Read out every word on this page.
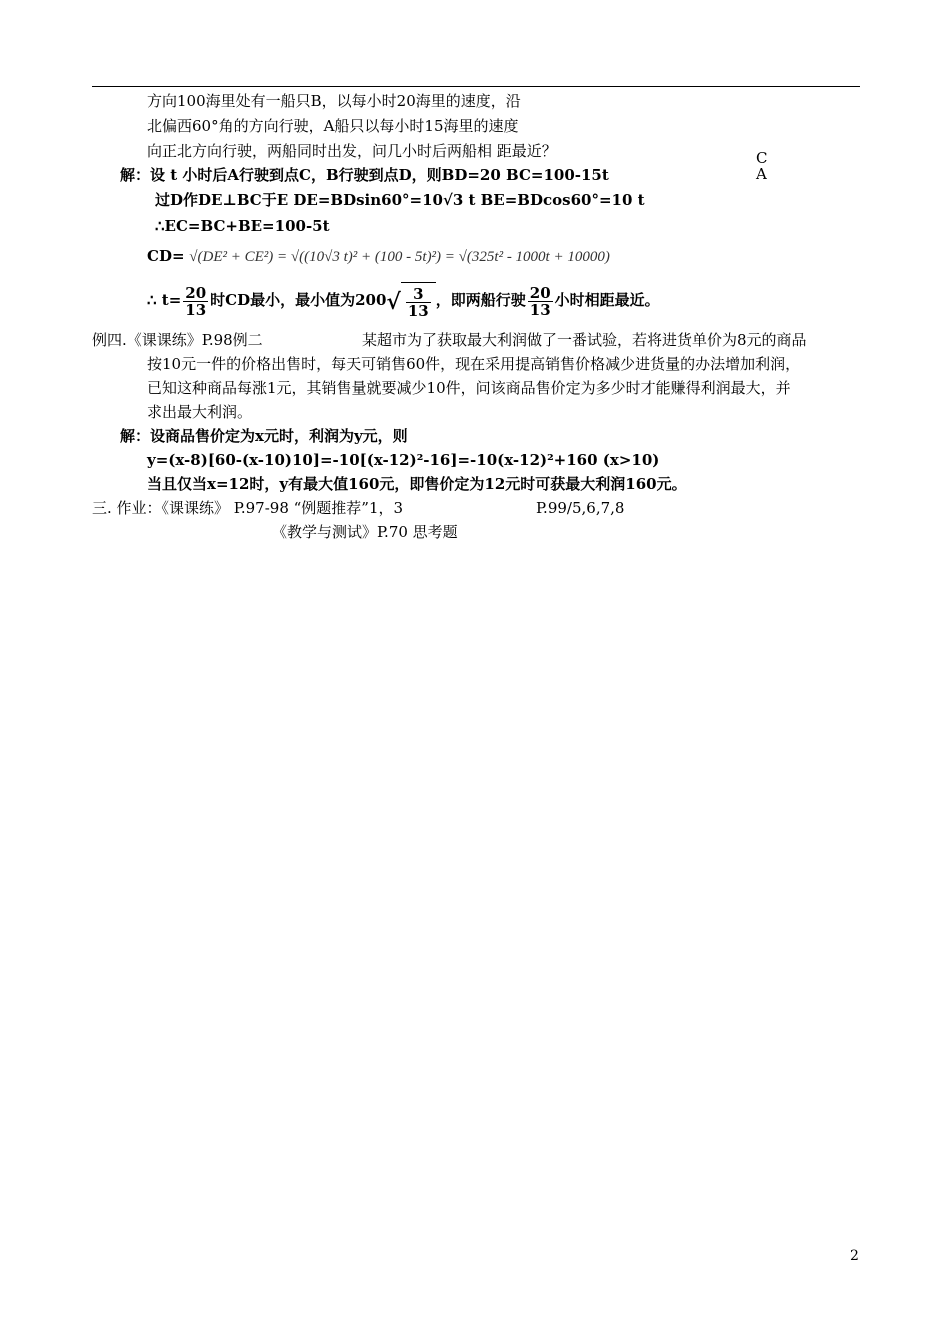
方向100海里处有一船只B，以每小时20海里的速度，沿
北偏西60°角的方向行驶，A船只以每小时15海里的速度
向正北方向行驶，两船同时出发，问几小时后两船相 距最近？	C
A
解：设 t 小时后A行驶到点C，B行驶到点D，则BD=20 BC=100-15t
过D作DE⊥BC于E DE=BDsin60°=10√3 t BE=BDcos60°=10 t
∴EC=BC+BE=100-5t
CD= √(DE² + CE²) = √((10√3 t)² + (100 - 5t)²) = √(325t² - 1000t + 10000)
∴ $t= \frac{20}{13}$ 时CD最小，最小值为$200√ \frac{3}{13}$ ，即两船行驶 $\frac{20}{13}$ 小时相距最近。
例四.《课课练》P.98例二	某超市为了获取最大利润做了一番试验，若将进货单价为8元的商品
按10元一件的价格出售时，每天可销售60件，现在采用提高销售价格减少进货量的办法增加利润，
已知这种商品每涨1元，其销售量就要减少10件，问该商品售价定为多少时才能赚得利润最大，并
求出最大利润。
解：设商品售价定为x元时，利润为y元，则
y=(x-8)[60-(x-10)10]=-10[(x-12)²-16]=-10(x-12)²+160 (x>10)
当且仅当x=12时，y有最大值160元，即售价定为12元时可获最大利润160元。
三. 作业：《课课练》 P.97-98 “例题推荐”1，3	P.99/5,6,7,8
《教学与测试》P.70 思考题
2
